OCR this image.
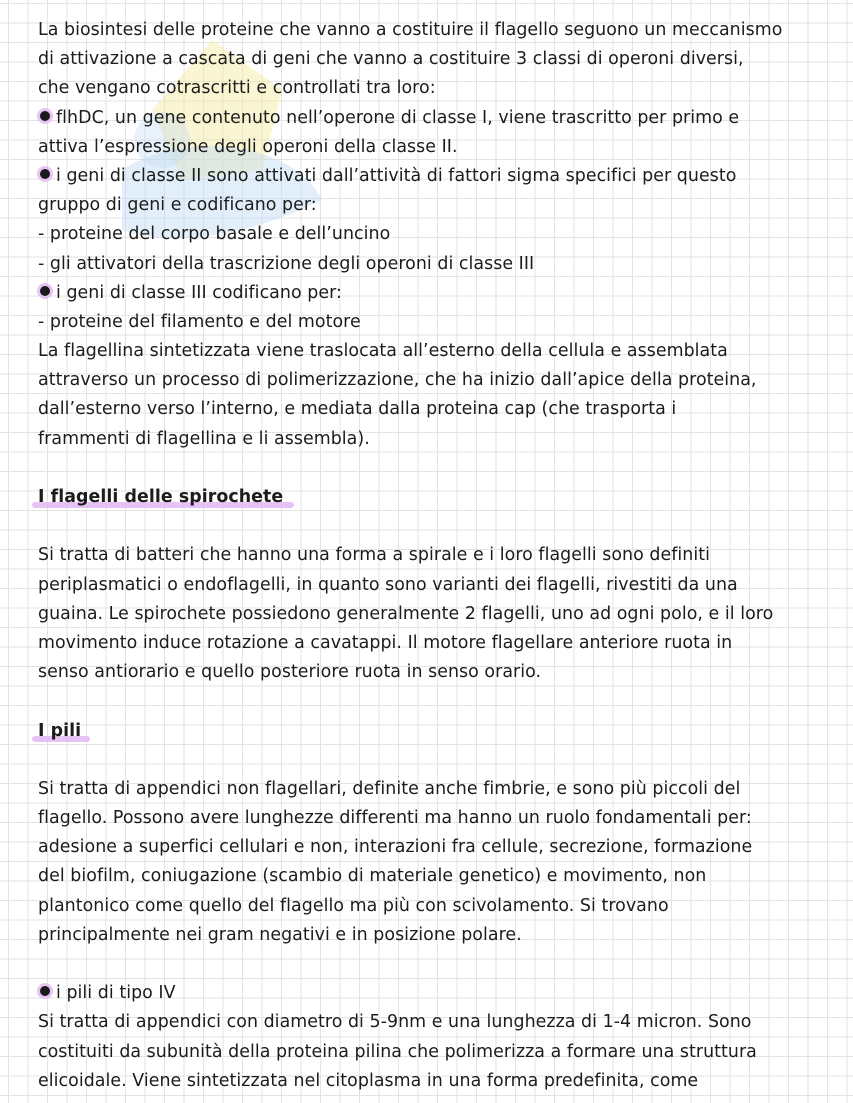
La biosintesi delle proteine che vanno a costituire il flagello seguono un meccanismo
di attivazione a cascata di geni che vanno a costituire 3 classi di operoni diversi,
che vengano cotrascritti e controllati tra loro:
flhDC, un gene contenuto nell’operone di classe I, viene trascritto per primo e
attiva l’espressione degli operoni della classe II.
i geni di classe II sono attivati dall’attività di fattori sigma specifici per questo
gruppo di geni e codificano per:
- proteine del corpo basale e dell’uncino
- gli attivatori della trascrizione degli operoni di classe III
i geni di classe III codificano per:
- proteine del filamento e del motore
La flagellina sintetizzata viene traslocata all’esterno della cellula e assemblata
attraverso un processo di polimerizzazione, che ha inizio dall’apice della proteina,
dall’esterno verso l’interno, e mediata dalla proteina cap (che trasporta i
frammenti di flagellina e li assembla).
I flagelli delle spirochete
Si tratta di batteri che hanno una forma a spirale e i loro flagelli sono definiti
periplasmatici o endoflagelli, in quanto sono varianti dei flagelli, rivestiti da una
guaina. Le spirochete possiedono generalmente 2 flagelli, uno ad ogni polo, e il loro
movimento induce rotazione a cavatappi. Il motore flagellare anteriore ruota in
senso antiorario e quello posteriore ruota in senso orario.
I pili
Si tratta di appendici non flagellari, definite anche fimbrie, e sono più piccoli del
flagello. Possono avere lunghezze differenti ma hanno un ruolo fondamentali per:
adesione a superfici cellulari e non, interazioni fra cellule, secrezione, formazione
del biofilm, coniugazione (scambio di materiale genetico) e movimento, non
plantonico come quello del flagello ma più con scivolamento. Si trovano
principalmente nei gram negativi e in posizione polare.
i pili di tipo IV
Si tratta di appendici con diametro di 5-9nm e una lunghezza di 1-4 micron. Sono
costituiti da subunità della proteina pilina che polimerizza a formare una struttura
elicoidale. Viene sintetizzata nel citoplasma in una forma predefinita, come
